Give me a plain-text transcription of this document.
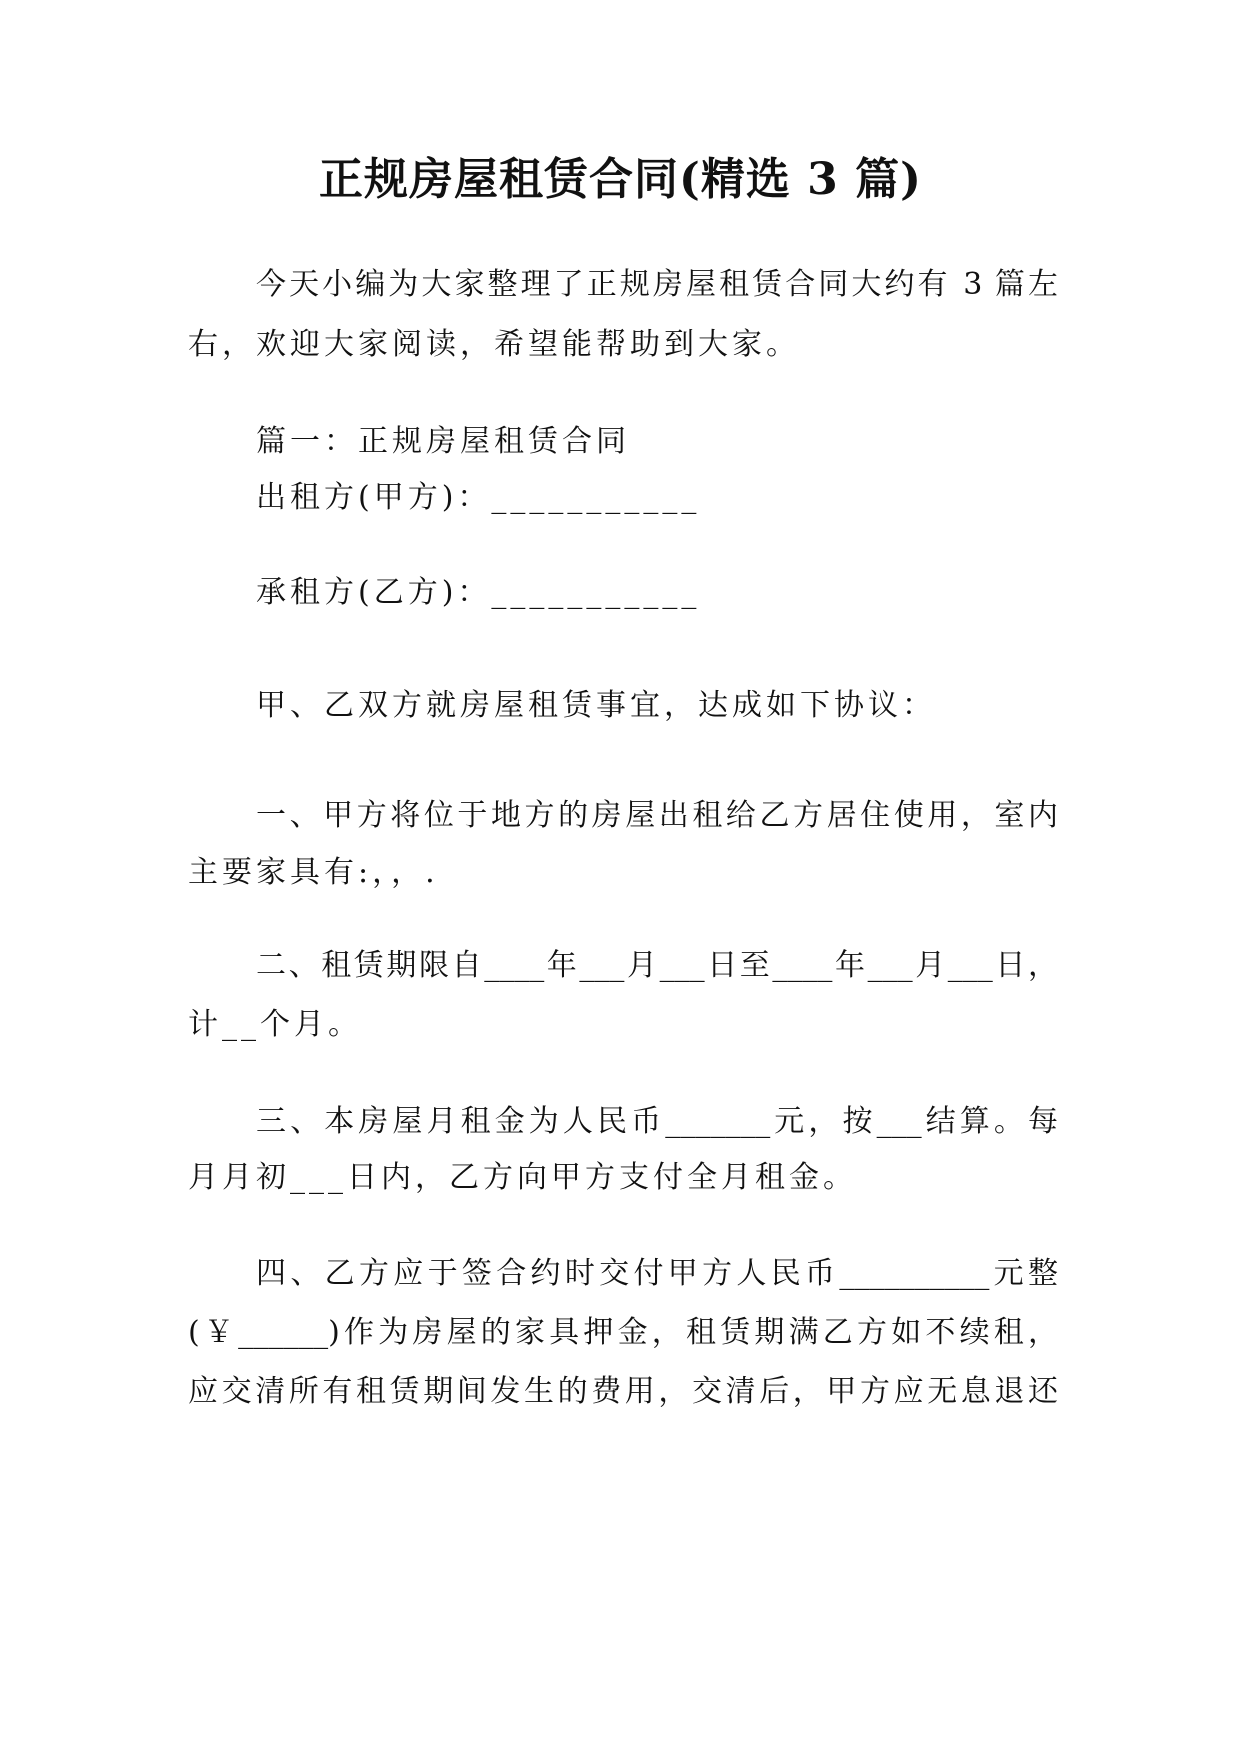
正规房屋租赁合同(精选 3 篇)
今天小编为大家整理了正规房屋租赁合同大约有 3 篇左
右，欢迎大家阅读，希望能帮助到大家。
篇一：正规房屋租赁合同
出租方(甲方)：___________
承租方(乙方)：___________
甲、乙双方就房屋租赁事宜，达成如下协议：
一、甲方将位于地方的房屋出租给乙方居住使用，室内
主要家具有:，，.
二、租赁期限自____年___月___日至____年___月___日，
计__个月。
三、本房屋月租金为人民币_______元，按___结算。每
月月初___日内，乙方向甲方支付全月租金。
四、乙方应于签合约时交付甲方人民币__________元整
(￥______)作为房屋的家具押金，租赁期满乙方如不续租，
应交清所有租赁期间发生的费用，交清后，甲方应无息退还
